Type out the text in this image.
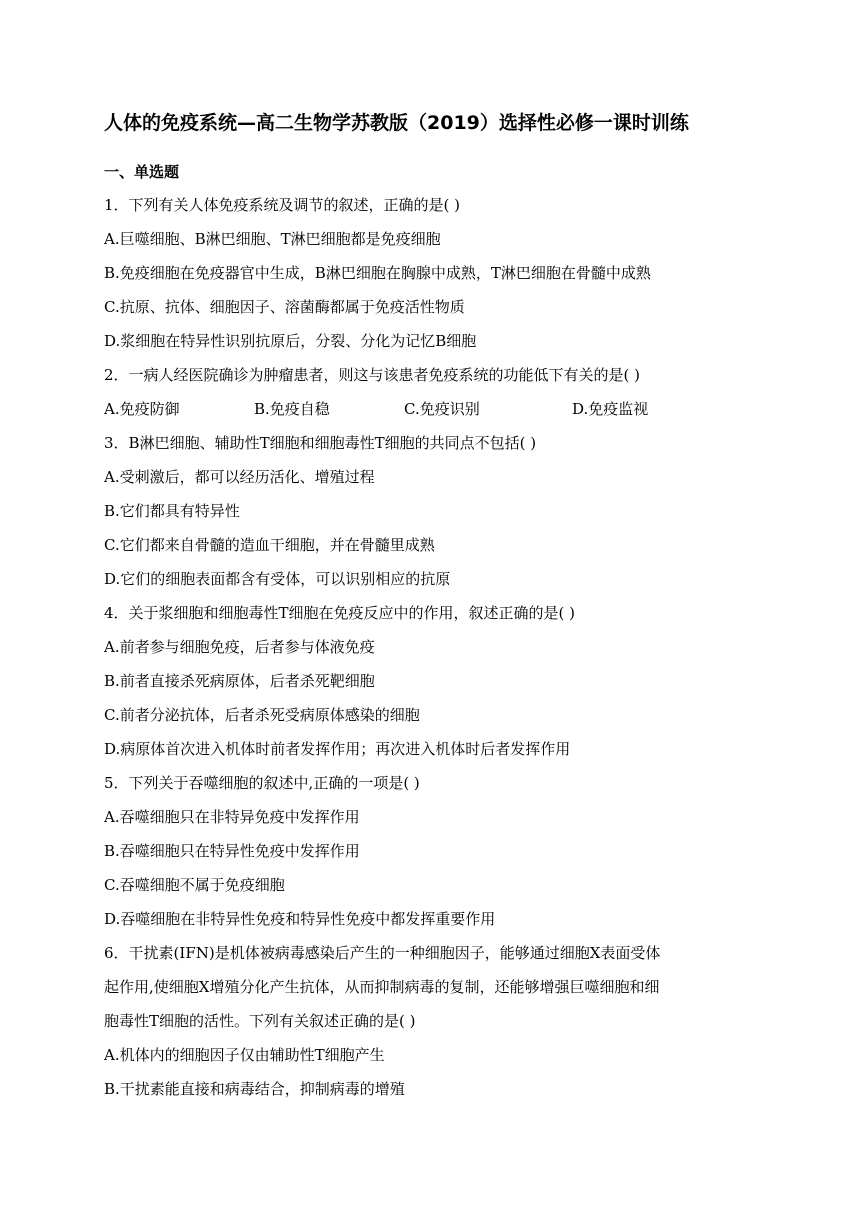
人体的免疫系统—高二生物学苏教版（2019）选择性必修一课时训练
一、单选题
1．下列有关人体免疫系统及调节的叙述，正确的是( )
A.巨噬细胞、B淋巴细胞、T淋巴细胞都是免疫细胞
B.免疫细胞在免疫器官中生成，B淋巴细胞在胸腺中成熟，T淋巴细胞在骨髓中成熟
C.抗原、抗体、细胞因子、溶菌酶都属于免疫活性物质
D.浆细胞在特异性识别抗原后，分裂、分化为记忆B细胞
2．一病人经医院确诊为肿瘤患者，则这与该患者免疫系统的功能低下有关的是( )
A.免疫防御	B.免疫自稳	C.免疫识别	D.免疫监视
3．B淋巴细胞、辅助性T细胞和细胞毒性T细胞的共同点不包括( )
A.受刺激后，都可以经历活化、增殖过程
B.它们都具有特异性
C.它们都来自骨髓的造血干细胞，并在骨髓里成熟
D.它们的细胞表面都含有受体，可以识别相应的抗原
4．关于浆细胞和细胞毒性T细胞在免疫反应中的作用，叙述正确的是( )
A.前者参与细胞免疫，后者参与体液免疫
B.前者直接杀死病原体，后者杀死靶细胞
C.前者分泌抗体，后者杀死受病原体感染的细胞
D.病原体首次进入机体时前者发挥作用；再次进入机体时后者发挥作用
5．下列关于吞噬细胞的叙述中,正确的一项是( )
A.吞噬细胞只在非特异免疫中发挥作用
B.吞噬细胞只在特异性免疫中发挥作用
C.吞噬细胞不属于免疫细胞
D.吞噬细胞在非特异性免疫和特异性免疫中都发挥重要作用
6．干扰素(IFN)是机体被病毒感染后产生的一种细胞因子，能够通过细胞X表面受体
起作用,使细胞X增殖分化产生抗体，从而抑制病毒的复制，还能够增强巨噬细胞和细
胞毒性T细胞的活性。下列有关叙述正确的是( )
A.机体内的细胞因子仅由辅助性T细胞产生
B.干扰素能直接和病毒结合，抑制病毒的增殖
